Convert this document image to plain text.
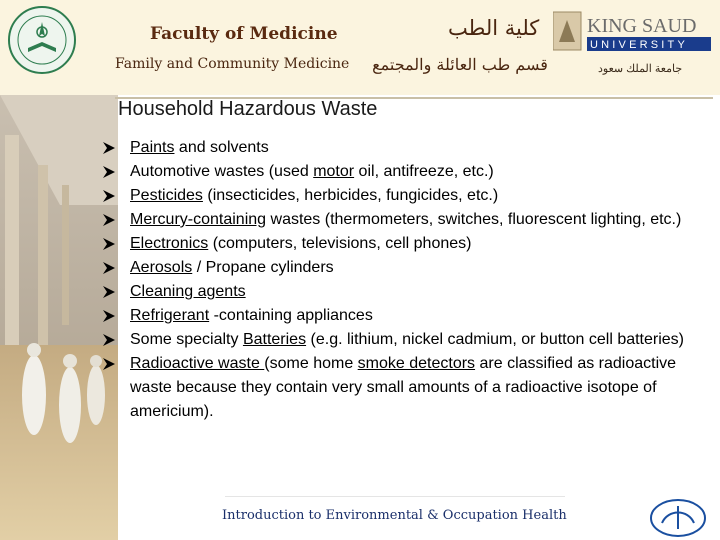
Faculty of Medicine
Family and Community Medicine
كلية الطب
قسم طب العائلة والمجتمع
KING SAUD
UNIVERSITY
جامعة الملك سعود
Household Hazardous Waste
Paints and solvents
Automotive wastes (used motor oil, antifreeze, etc.)
Pesticides (insecticides, herbicides, fungicides, etc.)
Mercury-containing wastes (thermometers, switches, fluorescent lighting, etc.)
Electronics (computers, televisions, cell phones)
Aerosols / Propane cylinders
Cleaning agents
Refrigerant -containing appliances
Some specialty Batteries (e.g. lithium, nickel cadmium, or button cell batteries)
Radioactive waste (some home smoke detectors are classified as radioactive waste because they contain very small amounts of a radioactive isotope of americium).
Introduction to Environmental & Occupation Health
